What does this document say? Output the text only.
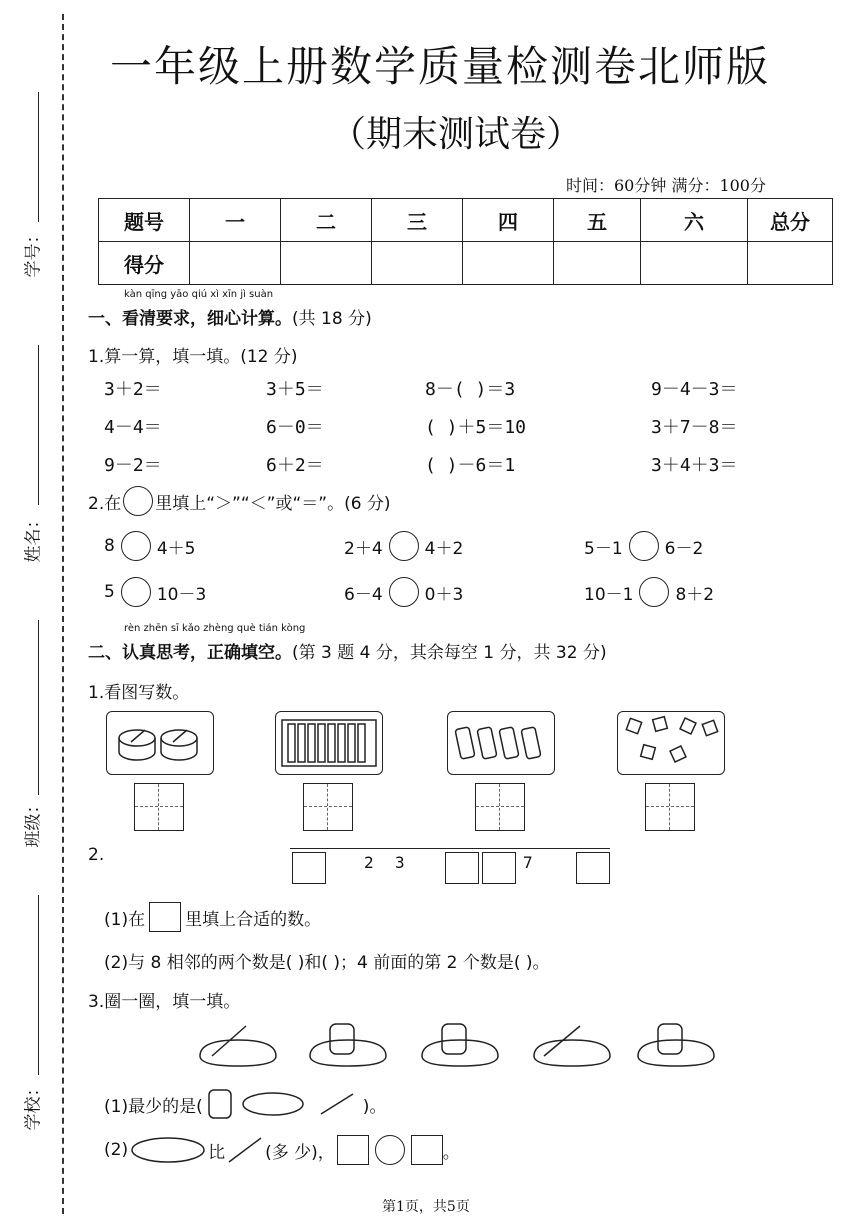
学号：
姓名：
班级：
学校：
一年级上册数学质量检测卷北师版
（期末测试卷）
时间：60分钟 满分：100分
题号	一	二	三	四	五	六	总分
得分							
kàn qīng yāo qiú xì xīn jì suàn
一、看清要求，细心计算。(共 18 分)
1.算一算，填一填。(12 分)
3＋2＝	3＋5＝	8－( )＝3	9－4－3＝
4－4＝	6－0＝	( )＋5＝10	3＋7－8＝
9－2＝	6＋2＝	( )－6＝1	3＋4＋3＝
2.在 里填上“＞”“＜”或“＝”。(6 分)
8 4＋5	2＋4 4＋2	5－1 6－2
5 10－3	6－4 0＋3	10－1 8＋2
rèn zhēn sī kǎo zhèng què tián kòng
二、认真思考，正确填空。(第 3 题 4 分，其余每空 1 分，共 32 分)
1.看图写数。
2.	2 3	7
(1)在 里填上合适的数。
(2)与 8 相邻的两个数是( )和( )；4 前面的第 2 个数是( )。
3.圈一圈，填一填。
(1)最少的是(	)。
(2)	比 (多 少)，	。
第1页，共5页
